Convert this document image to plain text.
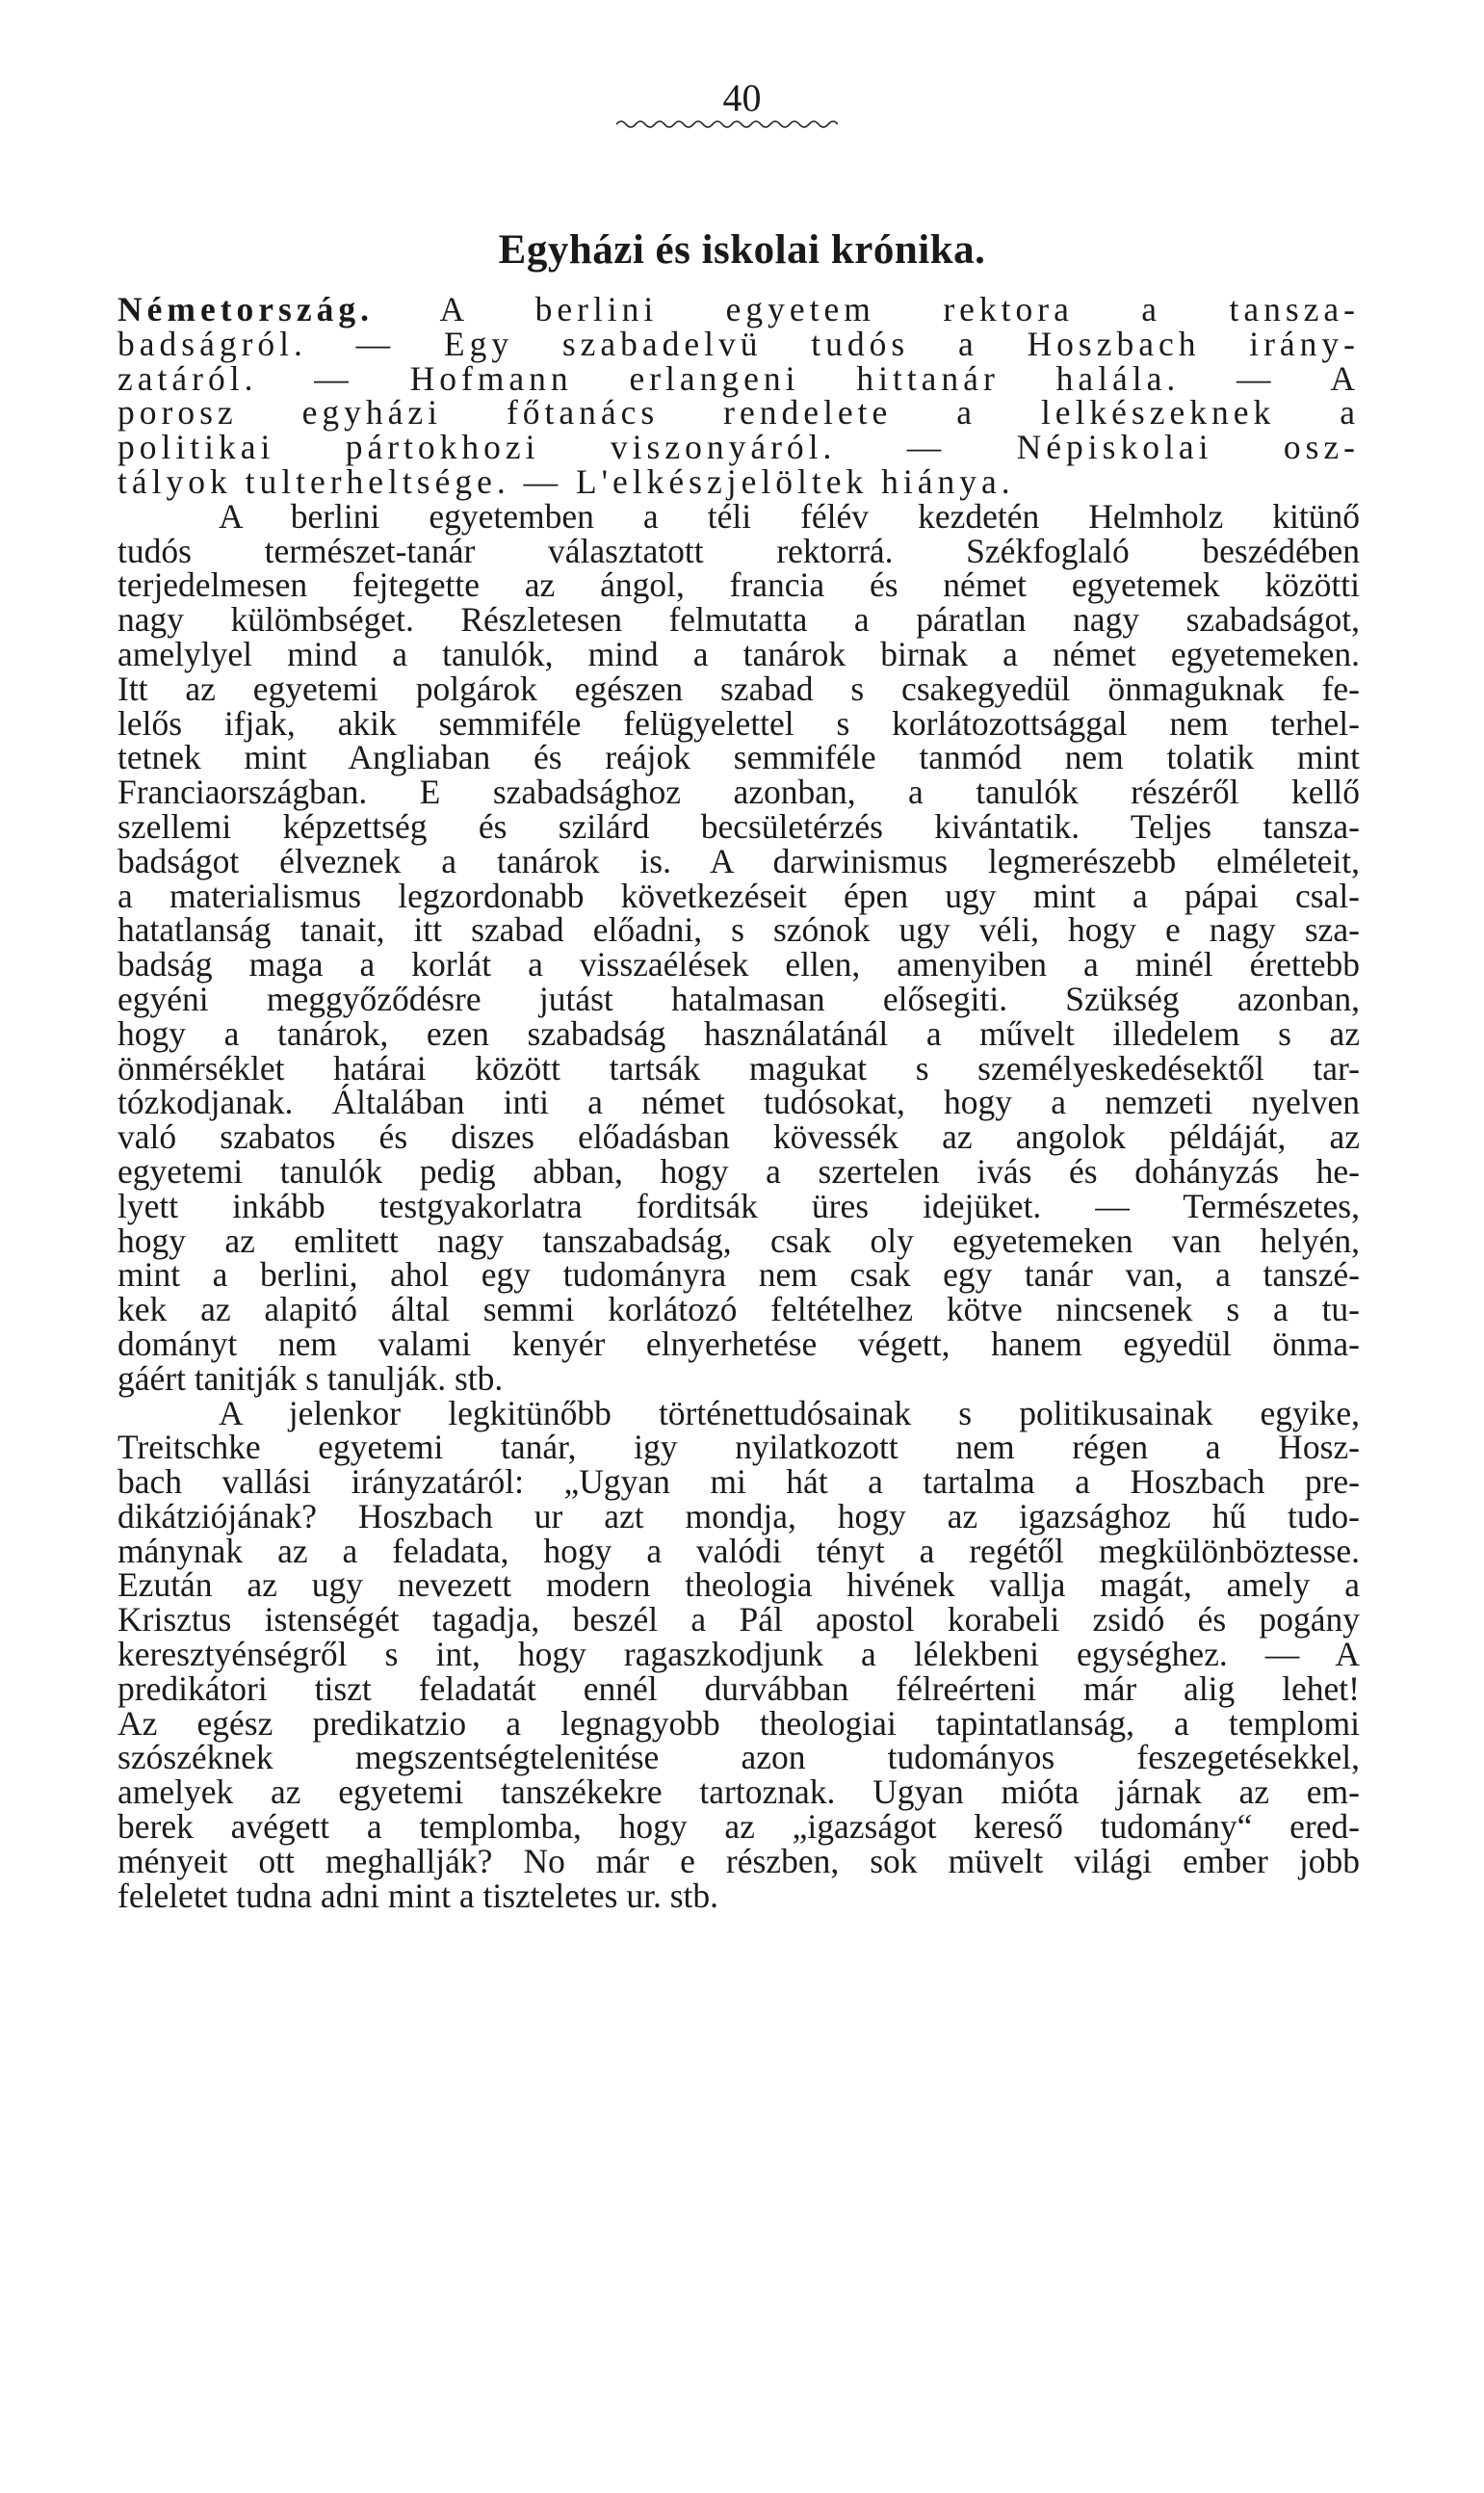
40
Egyházi és iskolai krónika.
Németország. A berlini egyetem rektora a tansza-
badságról. — Egy szabadelvü tudós a Hoszbach irány-
zatáról. — Hofmann erlangeni hittanár halála. — A
porosz egyházi főtanács rendelete a lelkészeknek a
politikai pártokhozi viszonyáról. — Népiskolai osz-
tályok tulterheltsége. — L'elkészjelöltek hiánya.
A berlini egyetemben a téli félév kezdetén Helmholz kitünő
tudós természet-tanár választatott rektorrá. Székfoglaló beszédében
terjedelmesen fejtegette az ángol, francia és német egyetemek közötti
nagy külömbséget. Részletesen felmutatta a páratlan nagy szabadságot,
amelylyel mind a tanulók, mind a tanárok birnak a német egyetemeken.
Itt az egyetemi polgárok egészen szabad s csakegyedül önmaguknak fe-
lelős ifjak, akik semmiféle felügyelettel s korlátozottsággal nem terhel-
tetnek mint Angliaban és reájok semmiféle tanmód nem tolatik mint
Franciaországban. E szabadsághoz azonban, a tanulók részéről kellő
szellemi képzettség és szilárd becsületérzés kivántatik. Teljes tansza-
badságot élveznek a tanárok is. A darwinismus legmerészebb elméleteit,
a materialismus legzordonabb következéseit épen ugy mint a pápai csal-
hatatlanság tanait, itt szabad előadni, s szónok ugy véli, hogy e nagy sza-
badság maga a korlát a visszaélések ellen, amenyiben a minél érettebb
egyéni meggyőződésre jutást hatalmasan elősegiti. Szükség azonban,
hogy a tanárok, ezen szabadság használatánál a művelt illedelem s az
önmérséklet határai között tartsák magukat s személyeskedésektől tar-
tózkodjanak. Általában inti a német tudósokat, hogy a nemzeti nyelven
való szabatos és diszes előadásban kövessék az angolok példáját, az
egyetemi tanulók pedig abban, hogy a szertelen ivás és dohányzás he-
lyett inkább testgyakorlatra forditsák üres idejüket. — Természetes,
hogy az emlitett nagy tanszabadság, csak oly egyetemeken van helyén,
mint a berlini, ahol egy tudományra nem csak egy tanár van, a tanszé-
kek az alapitó által semmi korlátozó feltételhez kötve nincsenek s a tu-
dományt nem valami kenyér elnyerhetése végett, hanem egyedül önma-
gáért tanitják s tanulják. stb.
A jelenkor legkitünőbb történettudósainak s politikusainak egyike,
Treitschke egyetemi tanár, igy nyilatkozott nem régen a Hosz-
bach vallási irányzatáról: „Ugyan mi hát a tartalma a Hoszbach pre-
dikátziójának? Hoszbach ur azt mondja, hogy az igazsághoz hű tudo-
mánynak az a feladata, hogy a valódi tényt a regétől megkülönböztesse.
Ezután az ugy nevezett modern theologia hivének vallja magát, amely a
Krisztus istenségét tagadja, beszél a Pál apostol korabeli zsidó és pogány
keresztyénségről s int, hogy ragaszkodjunk a lélekbeni egységhez. — A
predikátori tiszt feladatát ennél durvábban félreérteni már alig lehet!
Az egész predikatzio a legnagyobb theologiai tapintatlanság, a templomi
szószéknek megszentségtelenitése azon tudományos feszegetésekkel,
amelyek az egyetemi tanszékekre tartoznak. Ugyan mióta járnak az em-
berek avégett a templomba, hogy az „igazságot kereső tudomány“ ered-
ményeit ott meghallják? No már e részben, sok müvelt világi ember jobb
feleletet tudna adni mint a tiszteletes ur. stb.
